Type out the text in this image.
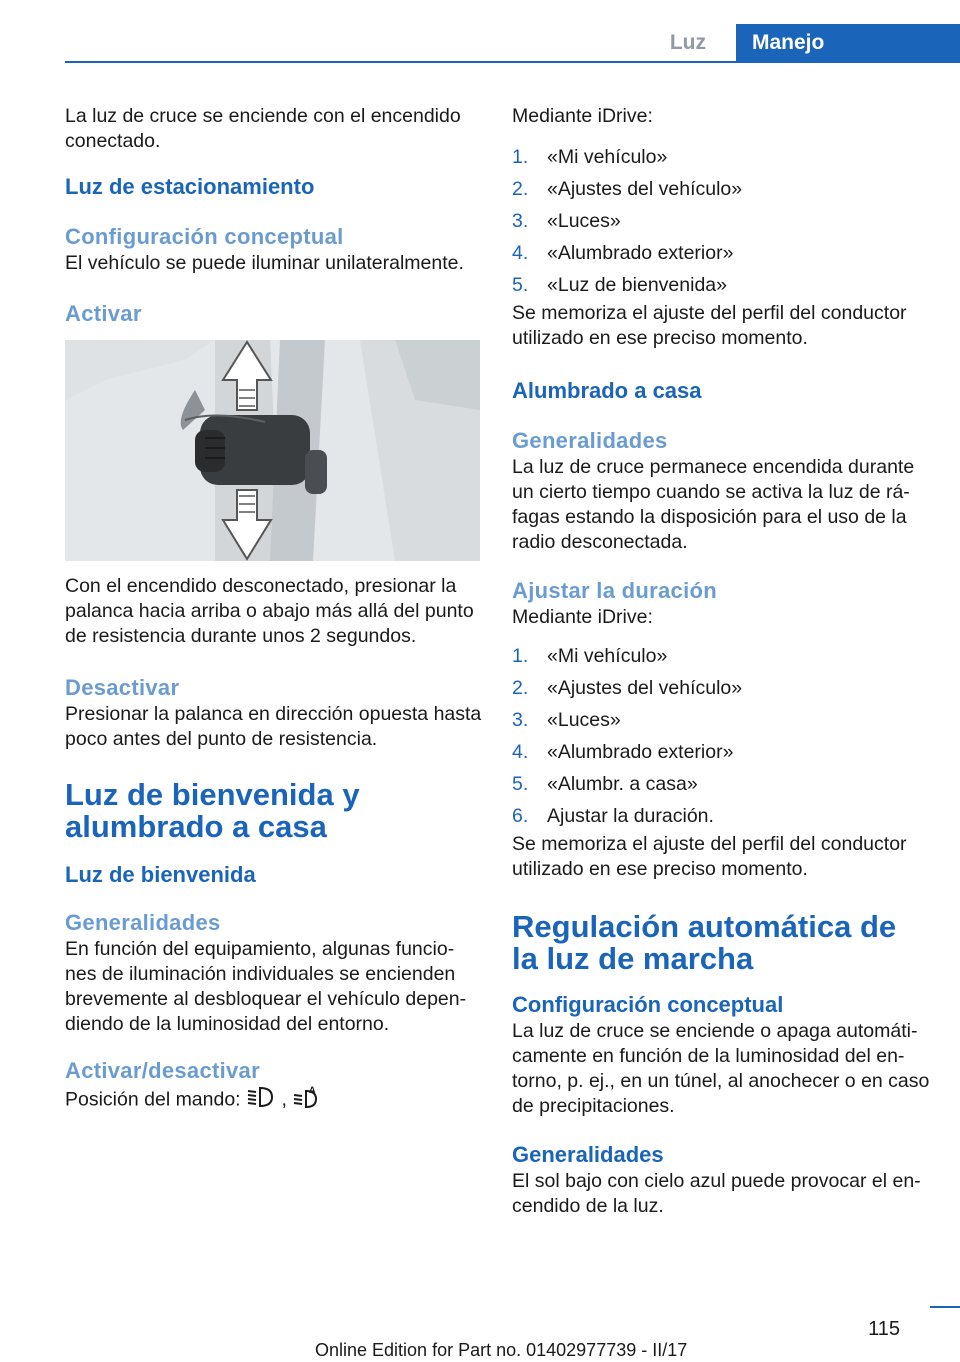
Luz	Manejo

La luz de cruce se enciende con el encendido conectado.

Luz de estacionamiento
Configuración conceptual

El vehículo se puede iluminar unilateralmente.

Activar

Con el encendido desconectado, presionar la palanca hacia arriba o abajo más allá del punto de resistencia durante unos 2 segundos.

Desactivar

Presionar la palanca en dirección opuesta hasta poco antes del punto de resistencia.

Luz de bienvenida y alumbrado a casa
Luz de bienvenida
Generalidades

En función del equipamiento, algunas funcio‐ nes de iluminación individuales se encienden brevemente al desbloquear el vehículo depen‐ diendo de la luminosidad del entorno.

Activar/desactivar

Posición del mando: , A

Mediante iDrive:

1. «Mi vehículo»
2. «Ajustes del vehículo»
3. «Luces»
4. «Alumbrado exterior»
5. «Luz de bienvenida»

Se memoriza el ajuste del perfil del conductor utilizado en ese preciso momento.

Alumbrado a casa
Generalidades

La luz de cruce permanece encendida durante un cierto tiempo cuando se activa la luz de rá‐ fagas estando la disposición para el uso de la radio desconectada.

Ajustar la duración

Mediante iDrive:

1. «Mi vehículo»
2. «Ajustes del vehículo»
3. «Luces»
4. «Alumbrado exterior»
5. «Alumbr. a casa»
6. Ajustar la duración.

Se memoriza el ajuste del perfil del conductor utilizado en ese preciso momento.

Regulación automática de la luz de marcha
Configuración conceptual

La luz de cruce se enciende o apaga automáti‐ camente en función de la luminosidad del en‐ torno, p. ej., en un túnel, al anochecer o en caso de precipitaciones.

Generalidades

El sol bajo con cielo azul puede provocar el en‐ cendido de la luz.

115
Online Edition for Part no. 01402977739 - II/17
